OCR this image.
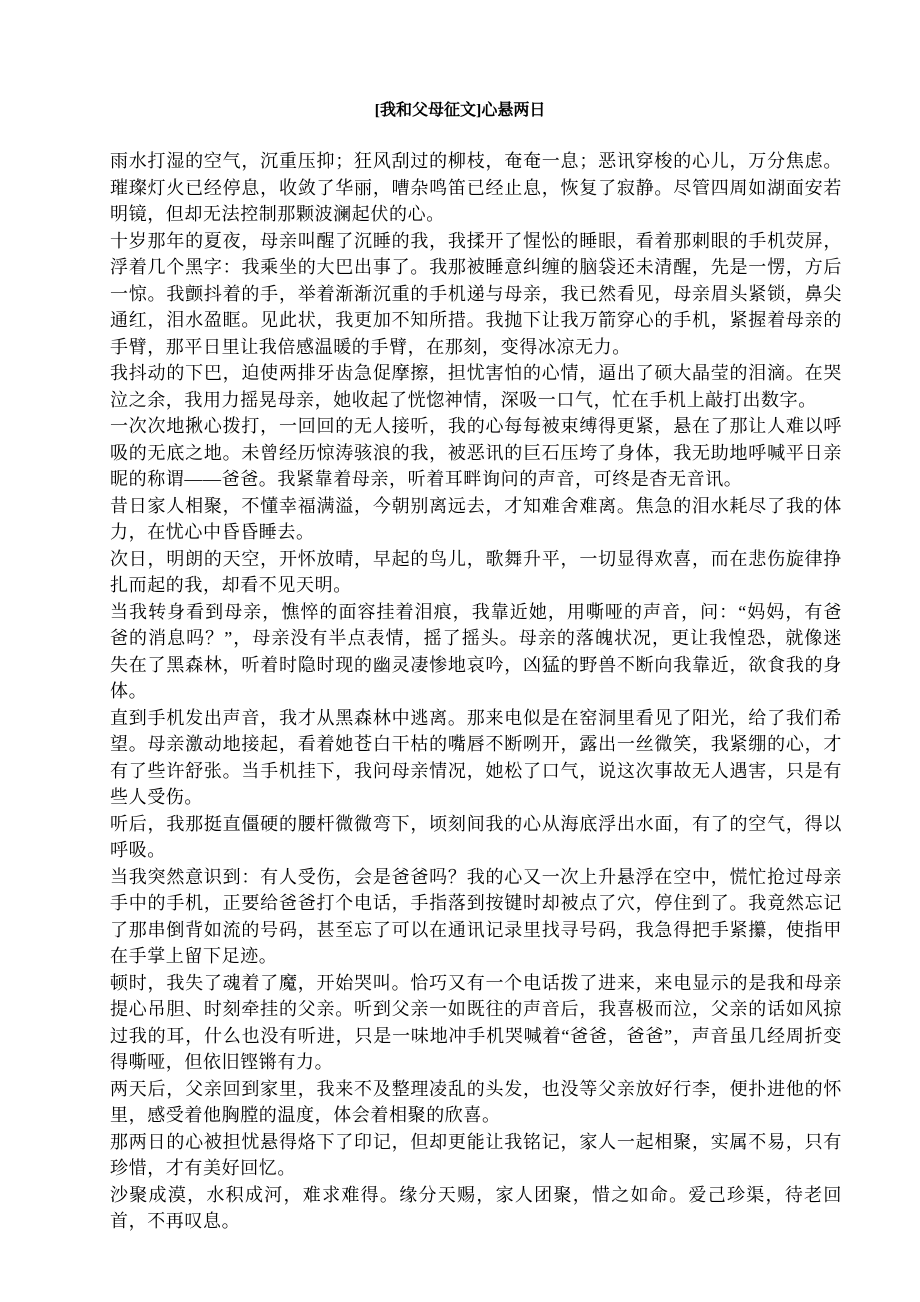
[我和父母征文]心悬两日

雨水打湿的空气，沉重压抑；狂风刮过的柳枝，奄奄一息；恶讯穿梭的心儿，万分焦虑。璀璨灯火已经停息，收敛了华丽，嘈杂鸣笛已经止息，恢复了寂静。尽管四周如湖面安若明镜，但却无法控制那颗波澜起伏的心。

十岁那年的夏夜，母亲叫醒了沉睡的我，我揉开了惺忪的睡眼，看着那刺眼的手机荧屏，浮着几个黑字：我乘坐的大巴出事了。我那被睡意纠缠的脑袋还未清醒，先是一愣，方后一惊。我颤抖着的手，举着渐渐沉重的手机递与母亲，我已然看见，母亲眉头紧锁，鼻尖通红，泪水盈眶。见此状，我更加不知所措。我抛下让我万箭穿心的手机，紧握着母亲的手臂，那平日里让我倍感温暖的手臂，在那刻，变得冰凉无力。

我抖动的下巴，迫使两排牙齿急促摩擦，担忧害怕的心情，逼出了硕大晶莹的泪滴。在哭泣之余，我用力摇晃母亲，她收起了恍惚神情，深吸一口气，忙在手机上敲打出数字。

一次次地揪心拨打，一回回的无人接听，我的心每每被束缚得更紧，悬在了那让人难以呼吸的无底之地。未曾经历惊涛骇浪的我，被恶讯的巨石压垮了身体，我无助地呼喊平日亲昵的称谓——爸爸。我紧靠着母亲，听着耳畔询问的声音，可终是杳无音讯。

昔日家人相聚，不懂幸福满溢，今朝别离远去，才知难舍难离。焦急的泪水耗尽了我的体力，在忧心中昏昏睡去。

次日，明朗的天空，开怀放晴，早起的鸟儿，歌舞升平，一切显得欢喜，而在悲伤旋律挣扎而起的我，却看不见天明。

当我转身看到母亲，憔悴的面容挂着泪痕，我靠近她，用嘶哑的声音，问：“妈妈，有爸爸的消息吗？”，母亲没有半点表情，摇了摇头。母亲的落魄状况，更让我惶恐，就像迷失在了黑森林，听着时隐时现的幽灵凄惨地哀吟，凶猛的野兽不断向我靠近，欲食我的身体。

直到手机发出声音，我才从黑森林中逃离。那来电似是在窑洞里看见了阳光，给了我们希望。母亲激动地接起，看着她苍白干枯的嘴唇不断咧开，露出一丝微笑，我紧绷的心，才有了些许舒张。当手机挂下，我问母亲情况，她松了口气，说这次事故无人遇害，只是有些人受伤。

听后，我那挺直僵硬的腰杆微微弯下，顷刻间我的心从海底浮出水面，有了的空气，得以呼吸。

当我突然意识到：有人受伤，会是爸爸吗？我的心又一次上升悬浮在空中，慌忙抢过母亲手中的手机，正要给爸爸打个电话，手指落到按键时却被点了穴，停住到了。我竟然忘记了那串倒背如流的号码，甚至忘了可以在通讯记录里找寻号码，我急得把手紧攥，使指甲在手掌上留下足迹。

顿时，我失了魂着了魔，开始哭叫。恰巧又有一个电话拨了进来，来电显示的是我和母亲提心吊胆、时刻牵挂的父亲。听到父亲一如既往的声音后，我喜极而泣，父亲的话如风掠过我的耳，什么也没有听进，只是一味地冲手机哭喊着“爸爸，爸爸”，声音虽几经周折变得嘶哑，但依旧铿锵有力。

两天后，父亲回到家里，我来不及整理凌乱的头发，也没等父亲放好行李，便扑进他的怀里，感受着他胸膛的温度，体会着相聚的欣喜。

那两日的心被担忧悬得烙下了印记，但却更能让我铭记，家人一起相聚，实属不易，只有珍惜，才有美好回忆。

沙聚成漠，水积成河，难求难得。缘分天赐，家人团聚，惜之如命。爱己珍渠，待老回首，不再叹息。
